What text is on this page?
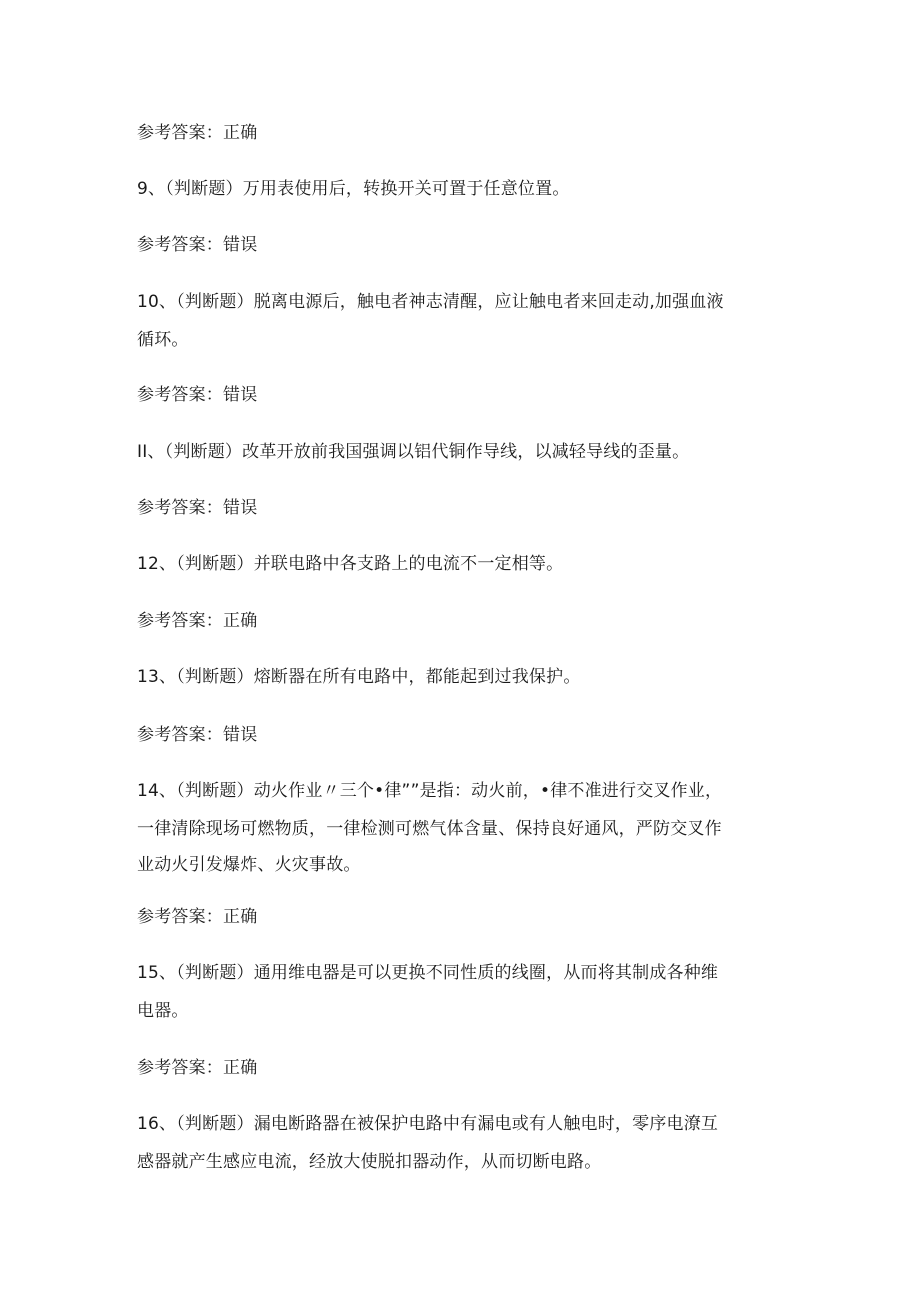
参考答案：正确
9、（判断题）万用表使用后，转换开关可置于任意位置。
参考答案：错误
10、（判断题）脱离电源后，触电者神志清醒，应让触电者来回走动,加强血液
循环。
参考答案：错误
II、（判断题）改革开放前我国强调以铝代铜作导线，以减轻导线的歪量。
参考答案：错误
12、（判断题）并联电路中各支路上的电流不一定相等。
参考答案：正确
13、（判断题）熔断器在所有电路中，都能起到过我保护。
参考答案：错误
14、（判断题）动火作业〃三个•律””是指：动火前，•律不准进行交叉作业，
一律清除现场可燃物质，一律检测可燃气体含量、保持良好通风，严防交叉作
业动火引发爆炸、火灾事故。
参考答案：正确
15、（判断题）通用维电器是可以更换不同性质的线圈，从而将其制成各种维
电器。
参考答案：正确
16、（判断题）漏电断路器在被保护电路中有漏电或有人触电时，零序电潦互
感器就产生感应电流，经放大使脱扣器动作，从而切断电路。
